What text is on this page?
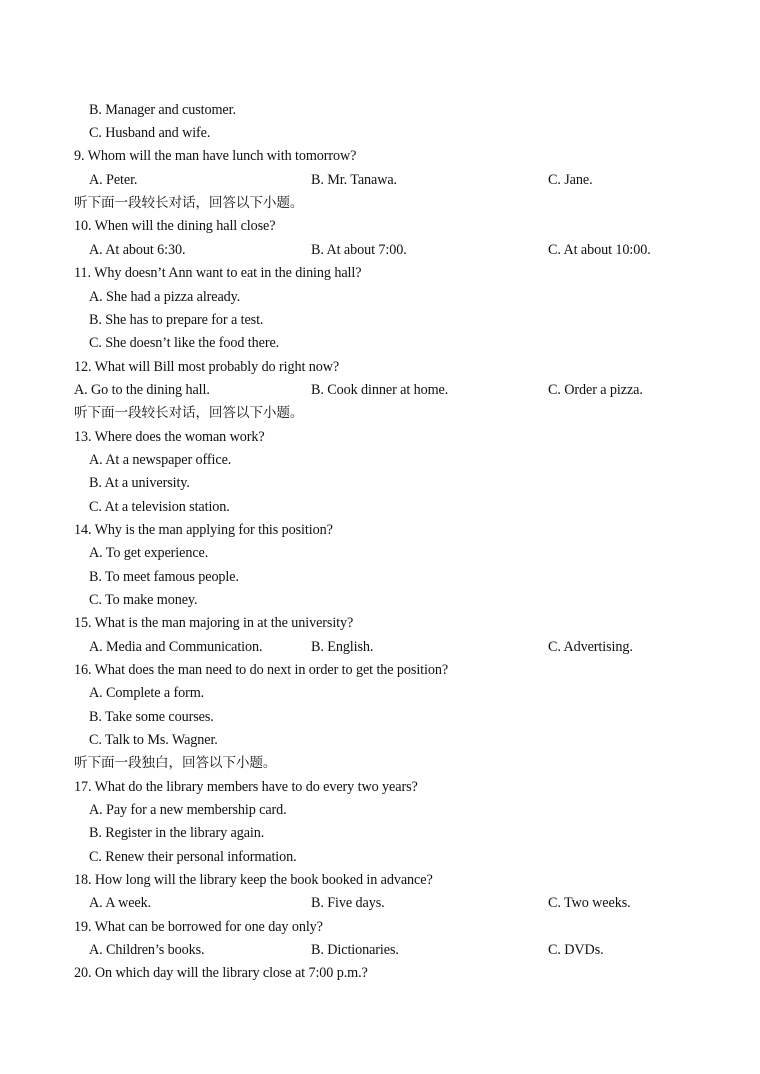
B. Manager and customer.

C. Husband and wife.

9. Whom will the man have lunch with tomorrow?

A. Peter.	B. Mr. Tanawa.	C. Jane.

听下面一段较长对话，回答以下小题。

10. When will the dining hall close?

A. At about 6:30.	B. At about 7:00.	C. At about 10:00.

11. Why doesn’t Ann want to eat in the dining hall?

A. She had a pizza already.

B. She has to prepare for a test.

C. She doesn’t like the food there.

12. What will Bill most probably do right now?

A. Go to the dining hall.	B. Cook dinner at home.	C. Order a pizza.

听下面一段较长对话，回答以下小题。

13. Where does the woman work?

A. At a newspaper office.

B. At a university.

C. At a television station.

14. Why is the man applying for this position?

A. To get experience.

B. To meet famous people.

C. To make money.

15. What is the man majoring in at the university?

A. Media and Communication.	B. English.	C. Advertising.

16. What does the man need to do next in order to get the position?

A. Complete a form.

B. Take some courses.

C. Talk to Ms. Wagner.

听下面一段独白，回答以下小题。

17. What do the library members have to do every two years?

A. Pay for a new membership card.

B. Register in the library again.

C. Renew their personal information.

18. How long will the library keep the book booked in advance?

A. A week.	B. Five days.	C. Two weeks.

19. What can be borrowed for one day only?

A. Children’s books.	B. Dictionaries.	C. DVDs.

20. On which day will the library close at 7:00 p.m.?
